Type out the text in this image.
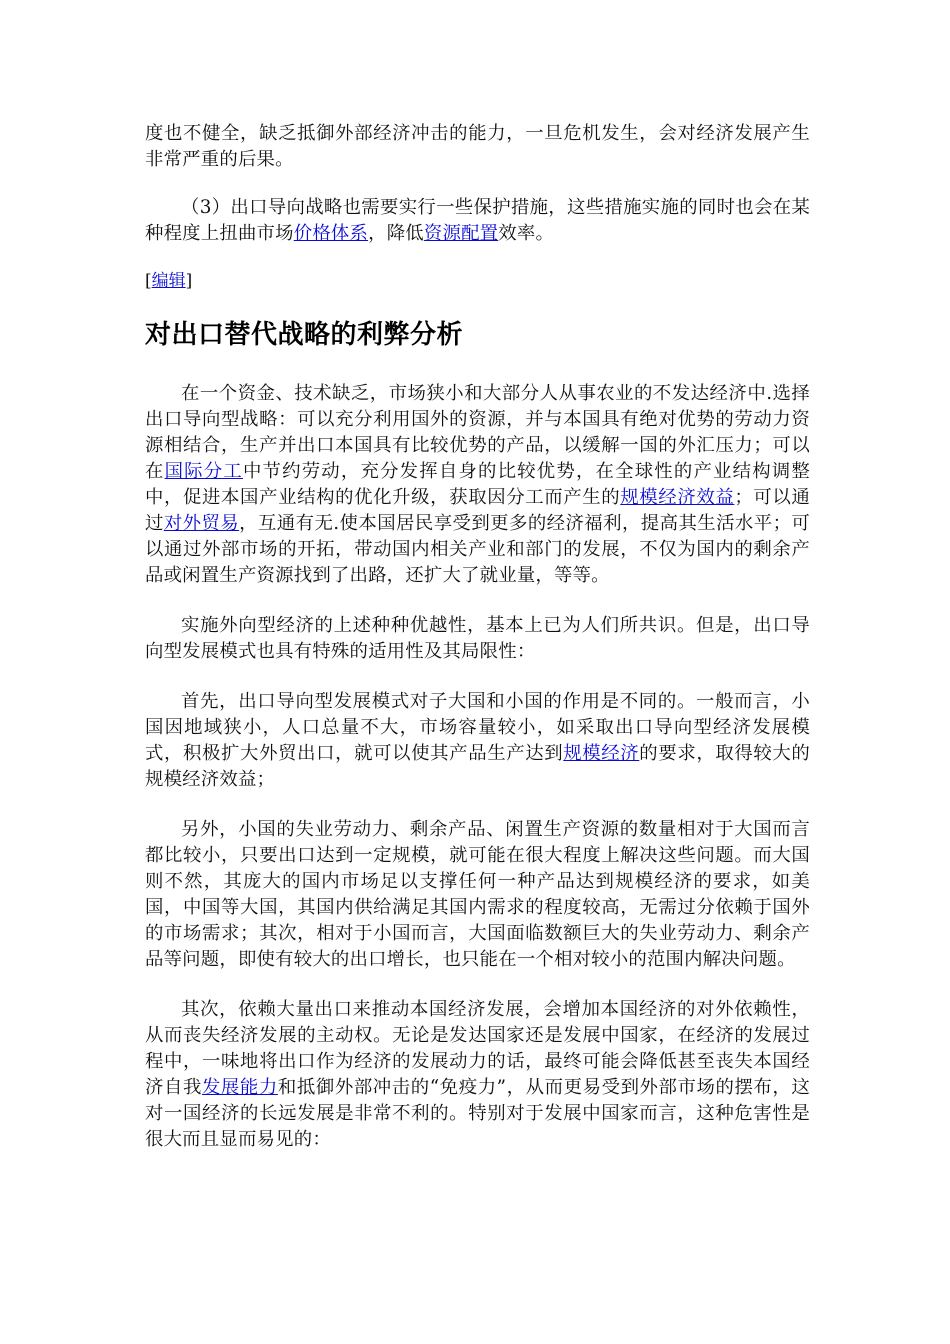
度也不健全，缺乏抵御外部经济冲击的能力，一旦危机发生，会对经济发展产生非常严重的后果。

（3）出口导向战略也需要实行一些保护措施，这些措施实施的同时也会在某种程度上扭曲市场价格体系，降低资源配置效率。

[编辑]
对出口替代战略的利弊分析

在一个资金、技术缺乏，市场狭小和大部分人从事农业的不发达经济中.选择出口导向型战略：可以充分利用国外的资源，并与本国具有绝对优势的劳动力资源相结合，生产并出口本国具有比较优势的产品，以缓解一国的外汇压力；可以在国际分工中节约劳动，充分发挥自身的比较优势，在全球性的产业结构调整中，促进本国产业结构的优化升级，获取因分工而产生的规模经济效益；可以通过对外贸易，互通有无.使本国居民享受到更多的经济福利，提高其生活水平；可以通过外部市场的开拓，带动国内相关产业和部门的发展，不仅为国内的剩余产品或闲置生产资源找到了出路，还扩大了就业量，等等。

实施外向型经济的上述种种优越性，基本上已为人们所共识。但是，出口导向型发展模式也具有特殊的适用性及其局限性：

首先，出口导向型发展模式对子大国和小国的作用是不同的。一般而言，小国因地域狭小，人口总量不大，市场容量较小，如采取出口导向型经济发展模式，积极扩大外贸出口，就可以使其产品生产达到规模经济的要求，取得较大的规模经济效益；

另外，小国的失业劳动力、剩余产品、闲置生产资源的数量相对于大国而言都比较小，只要出口达到一定规模，就可能在很大程度上解决这些问题。而大国则不然，其庞大的国内市场足以支撑任何一种产品达到规模经济的要求，如美国，中国等大国，其国内供给满足其国内需求的程度较高，无需过分依赖于国外的市场需求；其次，相对于小国而言，大国面临数额巨大的失业劳动力、剩余产品等问题，即使有较大的出口增长，也只能在一个相对较小的范围内解决问题。

其次，依赖大量出口来推动本国经济发展，会增加本国经济的对外依赖性，从而丧失经济发展的主动权。无论是发达国家还是发展中国家，在经济的发展过程中，一味地将出口作为经济的发展动力的话，最终可能会降低甚至丧失本国经济自我发展能力和抵御外部冲击的“免疫力”，从而更易受到外部市场的摆布，这对一国经济的长远发展是非常不利的。特别对于发展中国家而言，这种危害性是很大而且显而易见的：
